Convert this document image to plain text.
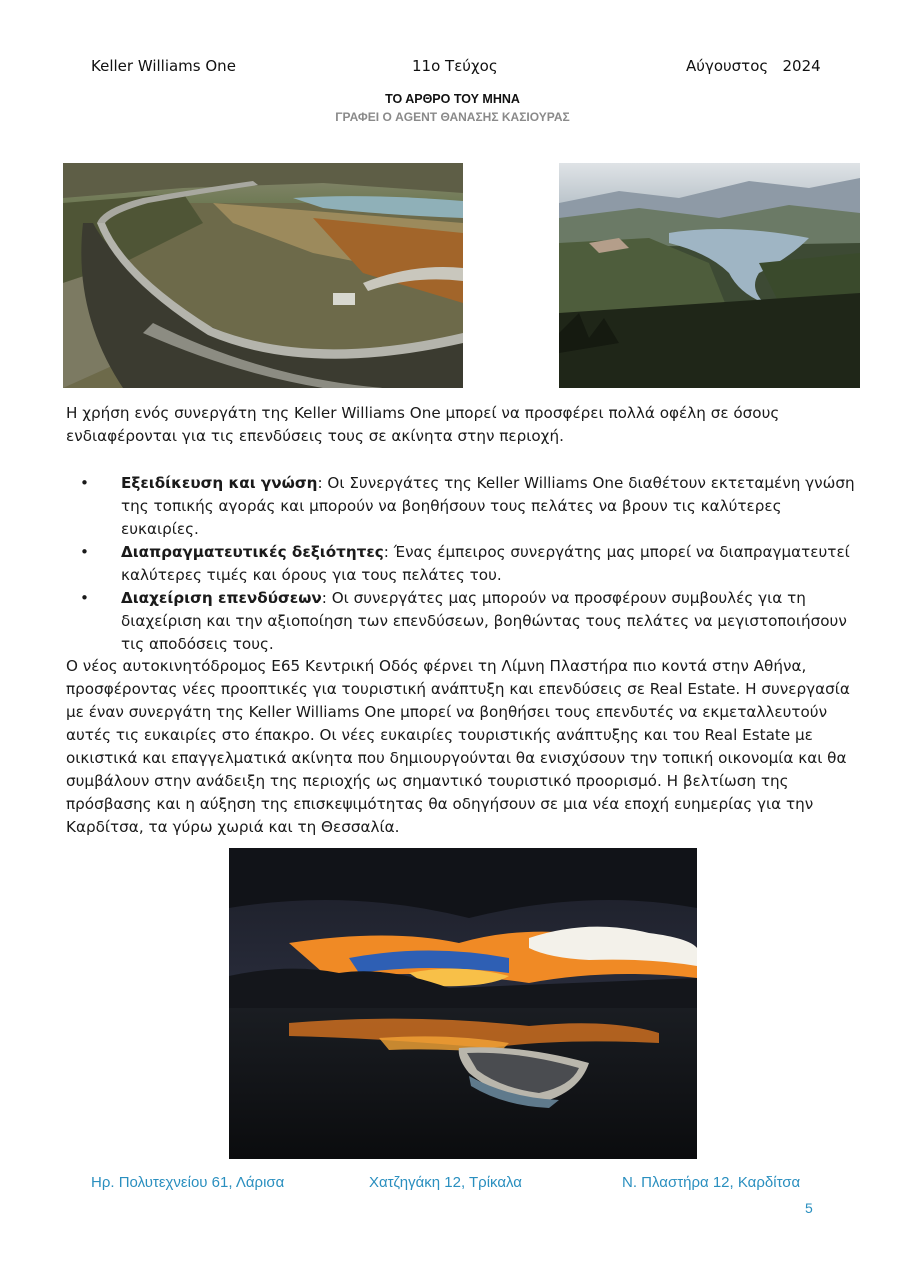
Keller Williams One	11ο Τεύχος	Αύγουστος   2024
ΤΟ ΑΡΘΡΟ ΤΟΥ ΜΗΝΑ
ΓΡΑΦΕΙ Ο AGENT ΘΑΝΑΣΗΣ ΚΑΣΙΟΥΡΑΣ

Η χρήση ενός συνεργάτη της Keller Williams One μπορεί να προσφέρει πολλά οφέλη σε όσους ενδιαφέρονται για τις επενδύσεις τους σε ακίνητα στην περιοχή.

• Εξειδίκευση και γνώση: Οι Συνεργάτες της Keller Williams One διαθέτουν εκτεταμένη γνώση της τοπικής αγοράς και μπορούν να βοηθήσουν τους πελάτες να βρουν τις καλύτερες ευκαιρίες.
• Διαπραγματευτικές δεξιότητες: Ένας έμπειρος συνεργάτης μας μπορεί να διαπραγματευτεί καλύτερες τιμές και όρους για τους πελάτες του.
• Διαχείριση επενδύσεων: Οι συνεργάτες μας μπορούν να προσφέρουν συμβουλές για τη διαχείριση και την αξιοποίηση των επενδύσεων, βοηθώντας τους πελάτες να μεγιστοποιήσουν τις αποδόσεις τους.

Ο νέος αυτοκινητόδρομος Ε65 Κεντρική Οδός φέρνει τη Λίμνη Πλαστήρα πιο κοντά στην Αθήνα, προσφέροντας νέες προοπτικές για τουριστική ανάπτυξη και επενδύσεις σε Real Estate. Η συνεργασία με έναν συνεργάτη της Keller Williams One μπορεί να βοηθήσει τους επενδυτές να εκμεταλλευτούν αυτές τις ευκαιρίες στο έπακρο. Οι νέες ευκαιρίες τουριστικής ανάπτυξης και του Real Estate με οικιστικά και επαγγελματικά ακίνητα που δημιουργούνται θα ενισχύσουν την τοπική οικονομία και θα συμβάλουν στην ανάδειξη της περιοχής ως σημαντικό τουριστικό προορισμό. Η βελτίωση της πρόσβασης και η αύξηση της επισκεψιμότητας θα οδηγήσουν σε μια νέα εποχή ευημερίας για την Καρδίτσα, τα γύρω χωριά και τη Θεσσαλία.

Ηρ. Πολυτεχνείου 61, Λάρισα	Χατζηγάκη 12, Τρίκαλα	Ν. Πλαστήρα 12, Καρδίτσα
5
